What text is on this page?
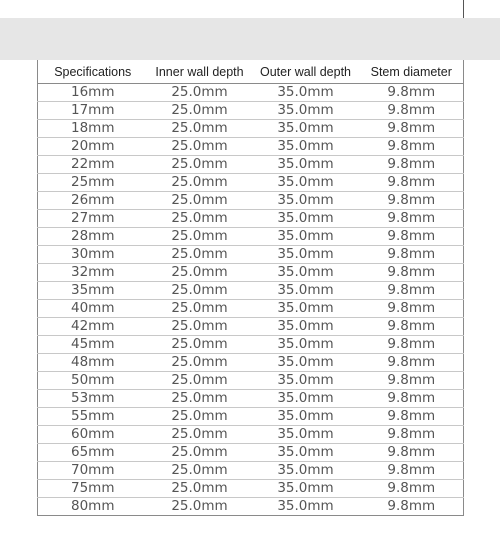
Specifications	Inner wall depth	Outer wall depth	Stem diameter
16mm	25.0mm	35.0mm	9.8mm
17mm	25.0mm	35.0mm	9.8mm
18mm	25.0mm	35.0mm	9.8mm
20mm	25.0mm	35.0mm	9.8mm
22mm	25.0mm	35.0mm	9.8mm
25mm	25.0mm	35.0mm	9.8mm
26mm	25.0mm	35.0mm	9.8mm
27mm	25.0mm	35.0mm	9.8mm
28mm	25.0mm	35.0mm	9.8mm
30mm	25.0mm	35.0mm	9.8mm
32mm	25.0mm	35.0mm	9.8mm
35mm	25.0mm	35.0mm	9.8mm
40mm	25.0mm	35.0mm	9.8mm
42mm	25.0mm	35.0mm	9.8mm
45mm	25.0mm	35.0mm	9.8mm
48mm	25.0mm	35.0mm	9.8mm
50mm	25.0mm	35.0mm	9.8mm
53mm	25.0mm	35.0mm	9.8mm
55mm	25.0mm	35.0mm	9.8mm
60mm	25.0mm	35.0mm	9.8mm
65mm	25.0mm	35.0mm	9.8mm
70mm	25.0mm	35.0mm	9.8mm
75mm	25.0mm	35.0mm	9.8mm
80mm	25.0mm	35.0mm	9.8mm
